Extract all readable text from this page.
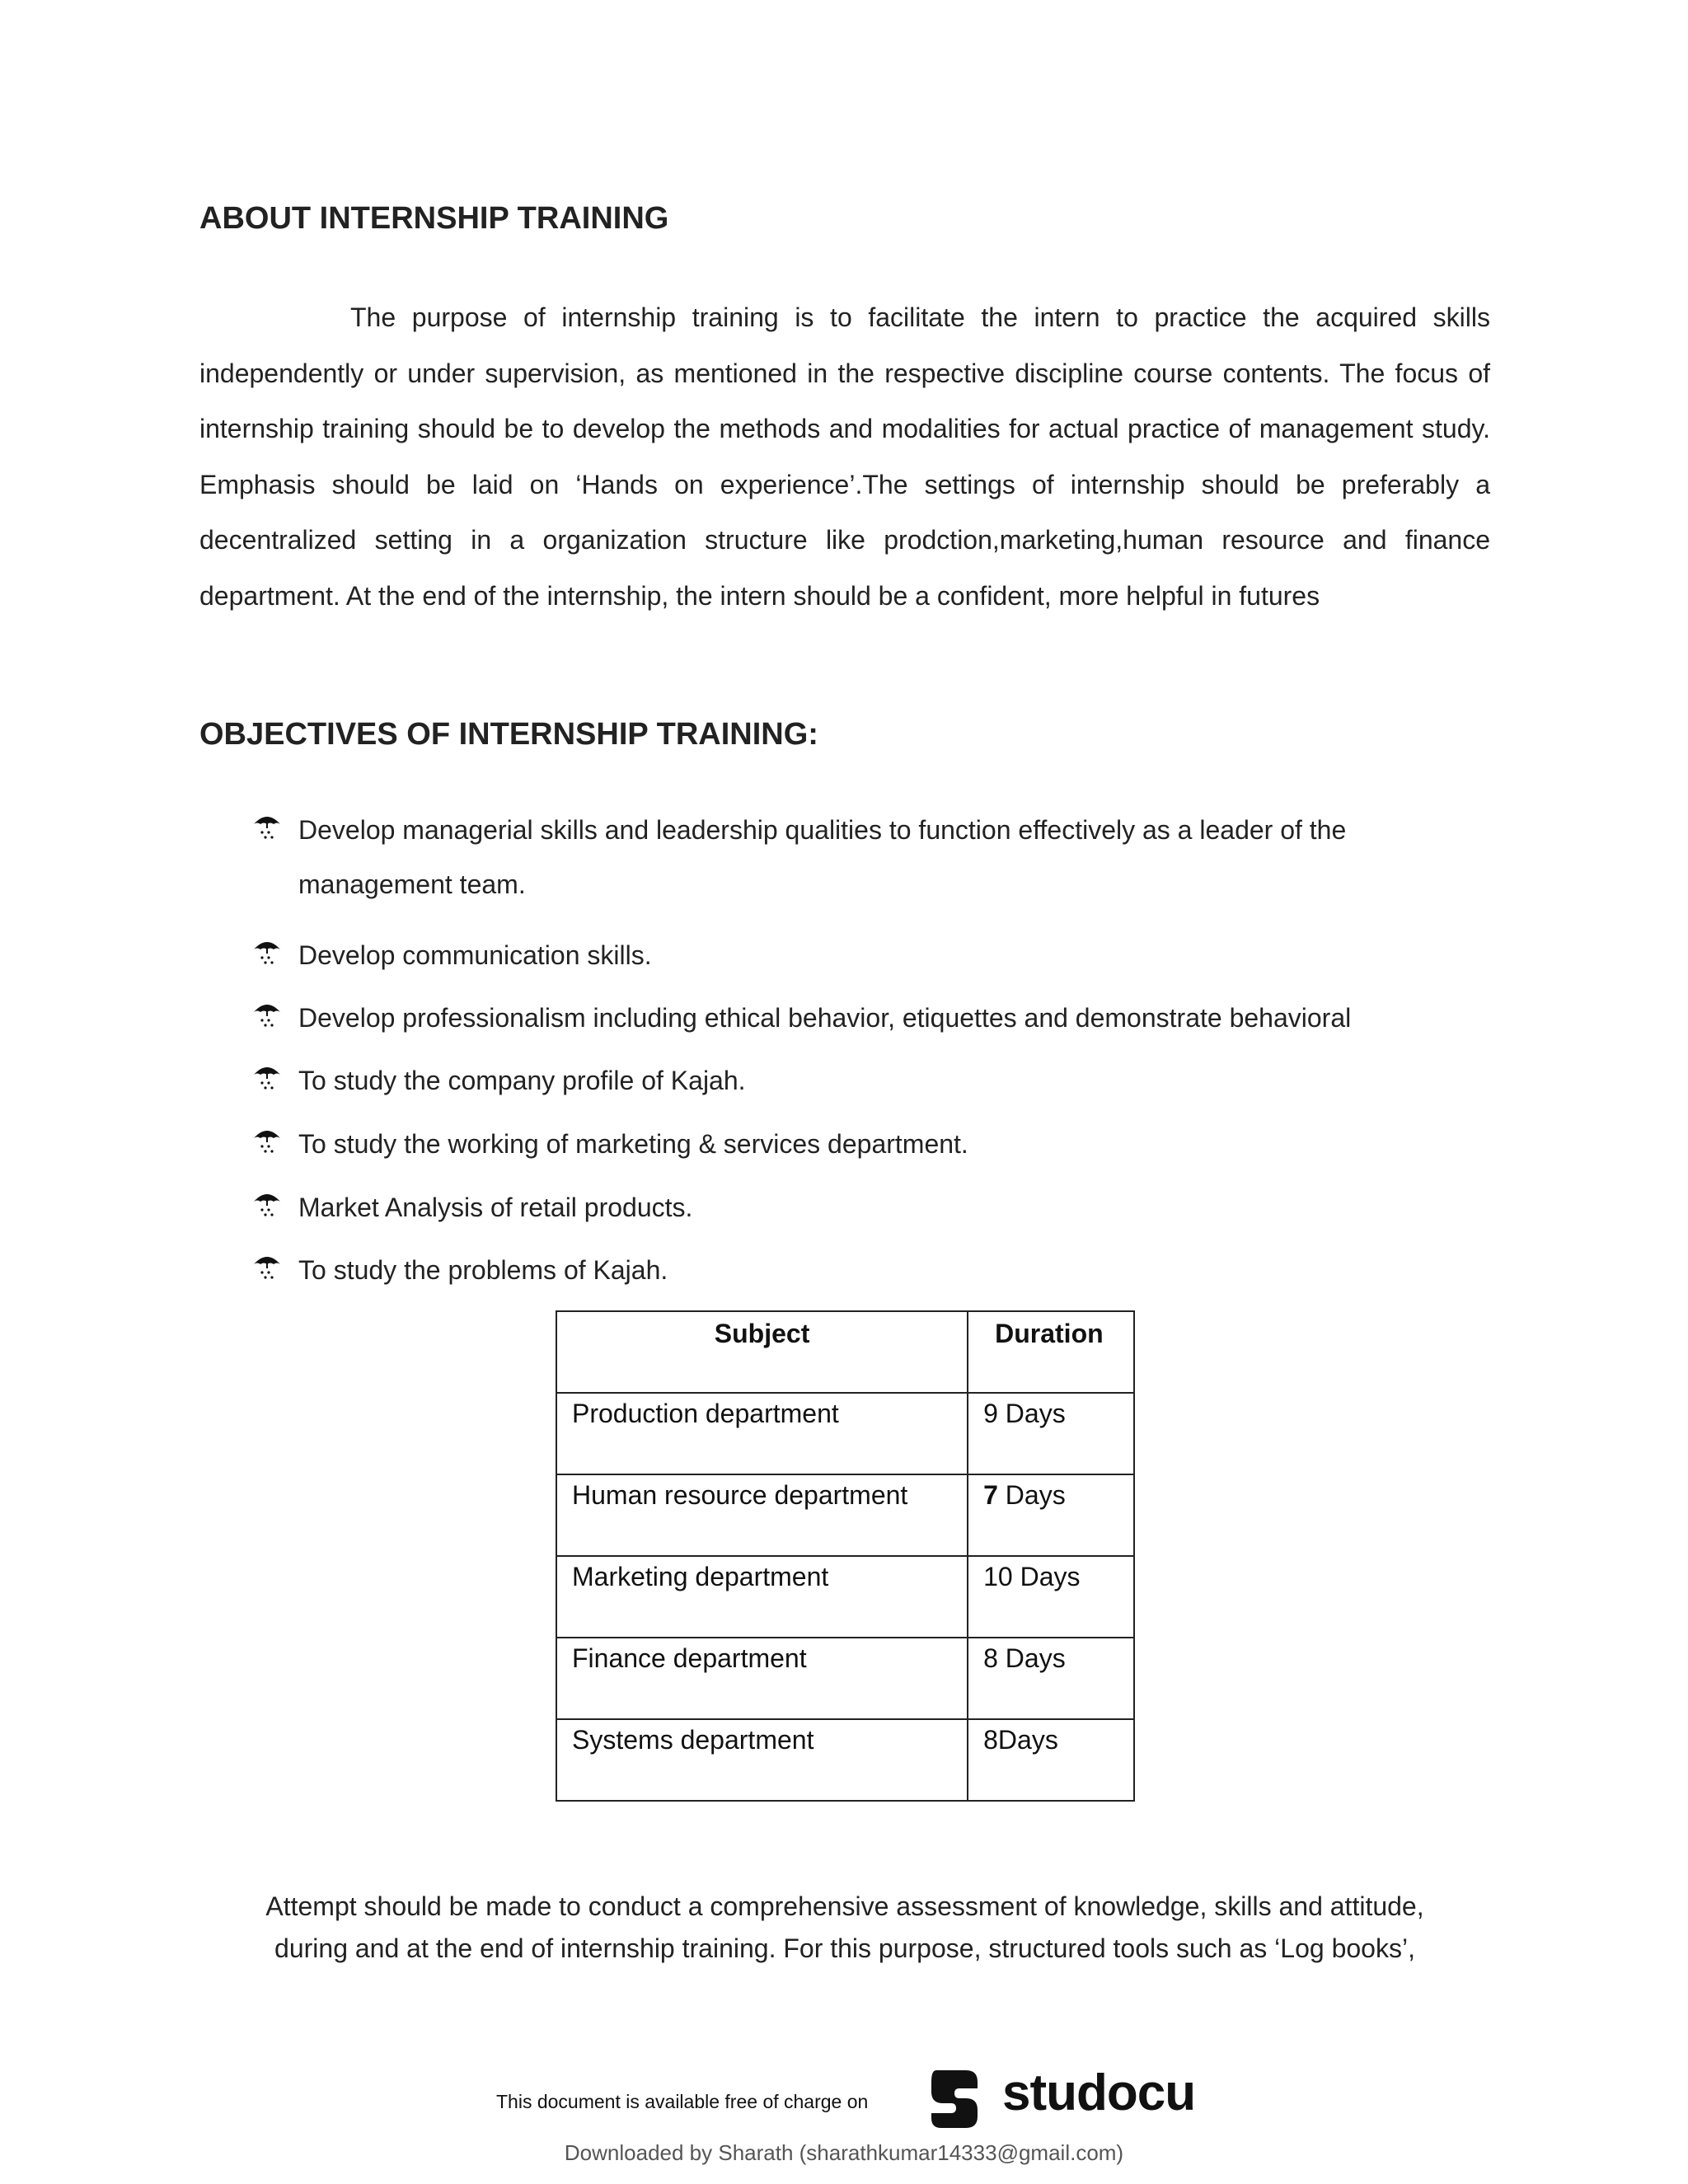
ABOUT INTERNSHIP TRAINING

The purpose of internship training is to facilitate the intern to practice the acquired skills independently or under supervision, as mentioned in the respective discipline course contents. The focus of internship training should be to develop the methods and modalities for actual practice of management study. Emphasis should be laid on ‘Hands on experience’.The settings of internship should be preferably a decentralized setting in a organization structure like prodction,marketing,human resource and finance department. At the end of the internship, the intern should be a confident, more helpful in futures

OBJECTIVES OF INTERNSHIP TRAINING:
Develop managerial skills and leadership qualities to function effectively as a leader of the management team.
Develop communication skills.
Develop professionalism including ethical behavior, etiquettes and demonstrate behavioral
To study the company profile of Kajah.
To study the working of marketing & services department.
Market Analysis of retail products.
To study the problems of Kajah.
Subject	Duration
Production department	9 Days
Human resource department	7 Days
Marketing department	10 Days
Finance department	8 Days
Systems department	8Days
Attempt should be made to conduct a comprehensive assessment of knowledge, skills and attitude,
during and at the end of internship training. For this purpose, structured tools such as ‘Log books’,
This document is available free of charge on	studocu
Downloaded by Sharath (sharathkumar14333@gmail.com)
